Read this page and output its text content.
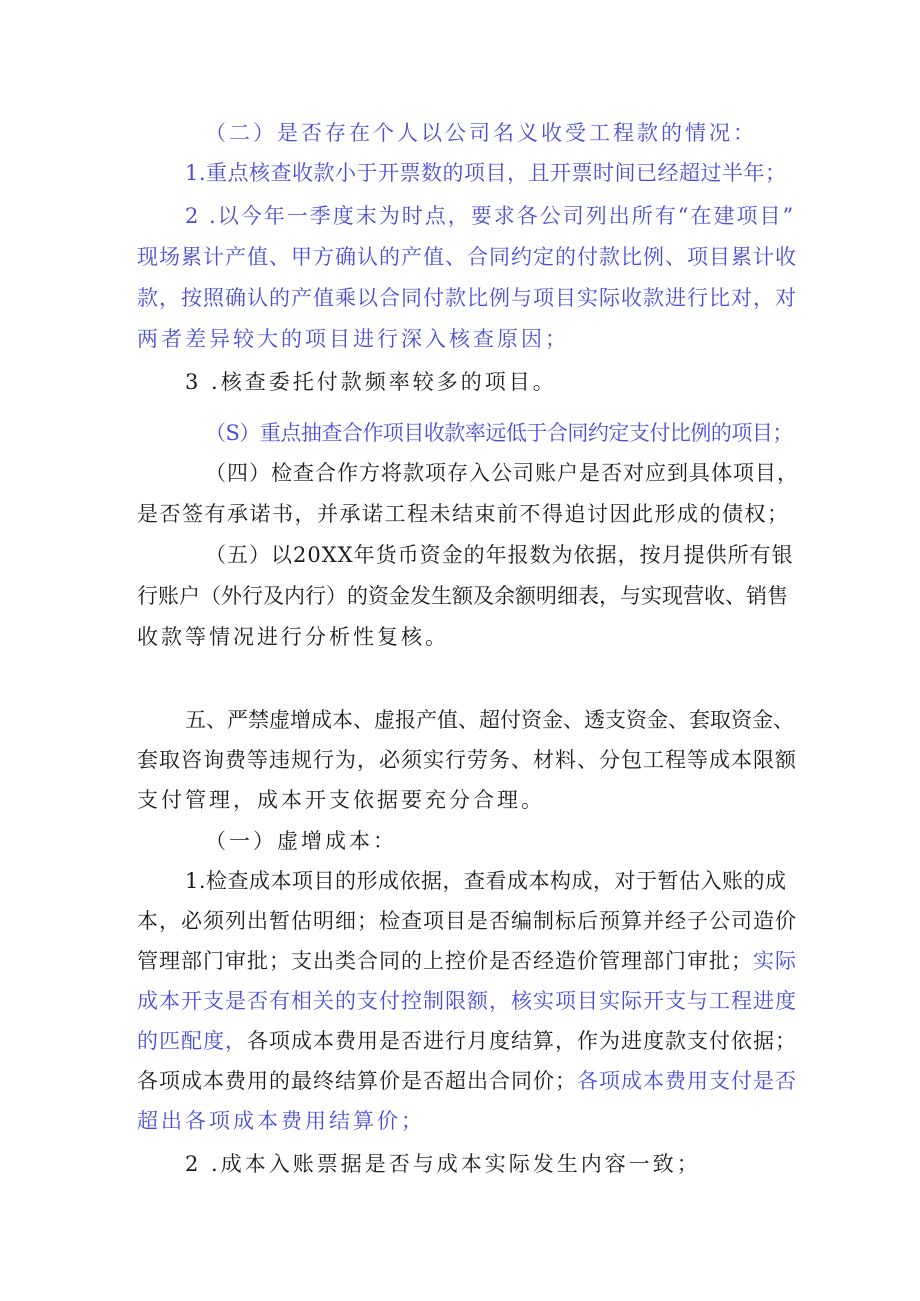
（二）是否存在个人以公司名义收受工程款的情况：
1.重点核查收款小于开票数的项目，且开票时间已经超过半年；
2 .以今年一季度末为时点，要求各公司列出所有“在建项目”
现场累计产值、甲方确认的产值、合同约定的付款比例、项目累计收
款，按照确认的产值乘以合同付款比例与项目实际收款进行比对，对
两者差异较大的项目进行深入核查原因；
3 .核查委托付款频率较多的项目。
（S）重点抽查合作项目收款率远低于合同约定支付比例的项目；
（四）检查合作方将款项存入公司账户是否对应到具体项目，
是否签有承诺书，并承诺工程未结束前不得追讨因此形成的债权；
（五）以20XX年货币资金的年报数为依据，按月提供所有银
行账户（外行及内行）的资金发生额及余额明细表，与实现营收、销售
收款等情况进行分析性复核。
五、严禁虚增成本、虚报产值、超付资金、透支资金、套取资金、
套取咨询费等违规行为，必须实行劳务、材料、分包工程等成本限额
支付管理，成本开支依据要充分合理。
（一）虚增成本：
1.检查成本项目的形成依据，查看成本构成，对于暂估入账的成
本，必须列出暂估明细；检查项目是否编制标后预算并经子公司造价
管理部门审批；支出类合同的上控价是否经造价管理部门审批；实际
成本开支是否有相关的支付控制限额，核实项目实际开支与工程进度
的匹配度，各项成本费用是否进行月度结算，作为进度款支付依据；
各项成本费用的最终结算价是否超出合同价；各项成本费用支付是否
超出各项成本费用结算价；
2 .成本入账票据是否与成本实际发生内容一致；
